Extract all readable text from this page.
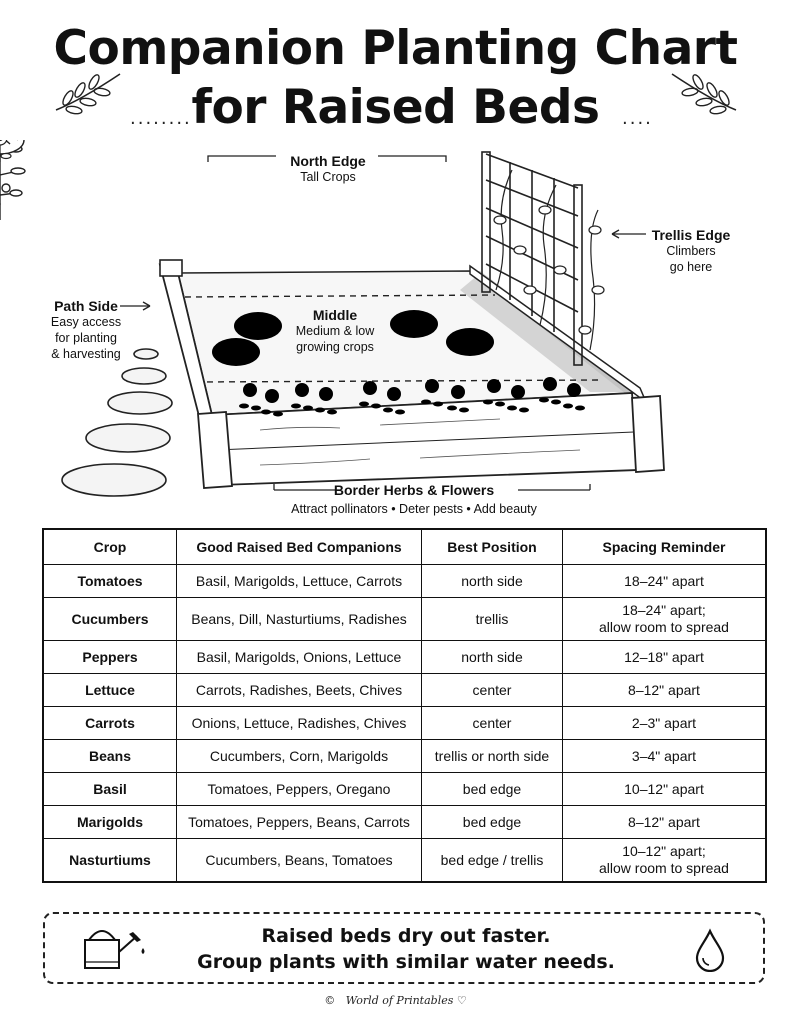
Companion Planting Chart
for Raised Beds
........	....
North Edge
Tall Crops
Trellis Edge
Climbers
go here
Path Side
Easy access
for planting
& harvesting
Middle
Medium & low
growing crops
Border Herbs & Flowers
Attract pollinators • Deter pests • Add beauty
Crop	Good Raised Bed Companions	Best Position	Spacing Reminder
Tomatoes	Basil, Marigolds, Lettuce, Carrots	north side	18–24" apart

Cucumbers	Beans, Dill, Nasturtiums, Radishes	trellis	18–24" apart;
allow room to spread

Peppers	Basil, Marigolds, Onions, Lettuce	north side	12–18" apart

Lettuce	Carrots, Radishes, Beets, Chives	center	8–12" apart

Carrots	Onions, Lettuce, Radishes, Chives	center	2–3" apart

Beans	Cucumbers, Corn, Marigolds	trellis or north side	3–4" apart

Basil	Tomatoes, Peppers, Oregano	bed edge	10–12" apart

Marigolds	Tomatoes, Peppers, Beans, Carrots	bed edge	8–12" apart

Nasturtiums	Cucumbers, Beans, Tomatoes	bed edge / trellis	10–12" apart;
allow room to spread
Raised beds dry out faster.
Group plants with similar water needs.
© World of Printables ♡
